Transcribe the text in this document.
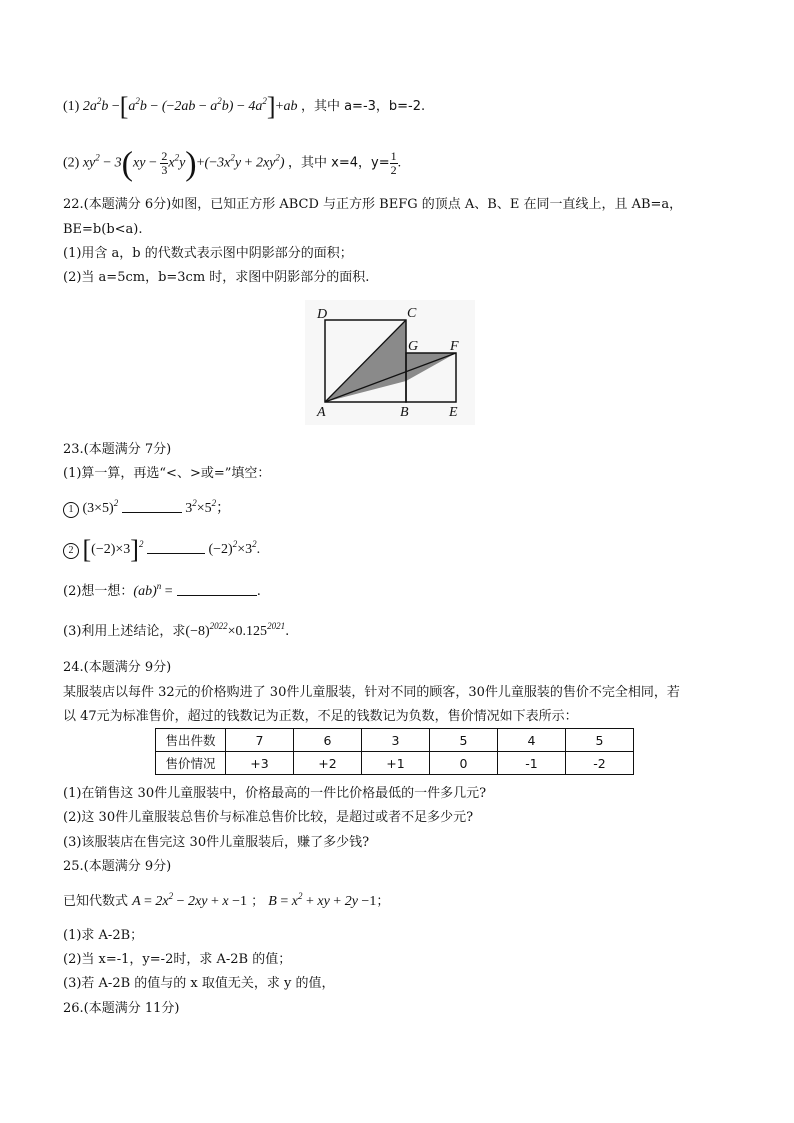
(1) $2a^2b -[a^2b - (-2ab - a^2b) - 4a^2]+ab$ ，其中 a=-3，b=-2.
(2) $xy^2 - 3(xy - \frac{2}{3} x^2y)+(-3x^2y + 2xy^2)$ ，其中 x=4，$y= \frac{1}{2}$ .
22.(本题满分 6分)如图，已知正方形 ABCD 与正方形 BEFG 的顶点 A、B、E 在同一直线上，且 AB=a，
BE=b(b<a).
(1)用含 a，b 的代数式表示图中阴影部分的面积；
(2)当 a=5cm，b=3cm 时，求图中阴影部分的面积.
D	C
G F
A	B	E
23.(本题满分 7分)
(1)算一算，再选“<、>或=”填空：
1 $(3\times 5)^2$	$3^2\times 5^2$；
2 $[(-2)\times 3]^2$	$(-2)^2\times 3^2$.
(2)想一想：(ab)$^n$ =	.
(3)利用上述结论，求$(-8)^{2022}\times 0.125^{2021}$.
24.(本题满分 9分)
某服装店以每件 32元的价格购进了 30件儿童服装，针对不同的顾客，30件儿童服装的售价不完全相同，若
以 47元为标准售价，超过的钱数记为正数，不足的钱数记为负数，售价情况如下表所示：
售出件数	7	6	3	5	4	5
售价情况	+3	+2	+1	0	-1	-2
(1)在销售这 30件儿童服装中，价格最高的一件比价格最低的一件多几元?
(2)这 30件儿童服装总售价与标准总售价比较，是超过或者不足多少元?
(3)该服装店在售完这 30件儿童服装后，赚了多少钱?
25.(本题满分 9分)
已知代数式 $A = 2x^2 - 2xy + x -1$ ； $B = x^2$ + xy + 2y −1；
(1)求 A-2B；
(2)当 x=-1，y=-2时，求 A-2B 的值；
(3)若 A-2B 的值与的 x 取值无关，求 y 的值，
26.(本题满分 11分)
